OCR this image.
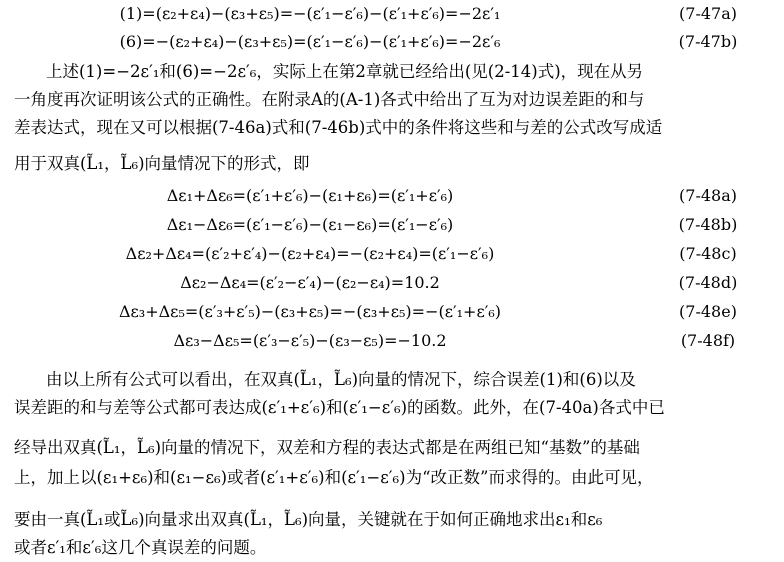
(1)=(ε₂+ε₄)−(ε₃+ε₅)=−(ε′₁−ε′₆)−(ε′₁+ε′₆)=−2ε′₁	(7-47a)
(6)=−(ε₂+ε₄)−(ε₃+ε₅)=(ε′₁−ε′₆)−(ε′₁+ε′₆)=−2ε′₆	(7-47b)
上述(1)=−2ε′₁和(6)=−2ε′₆，实际上在第2章就已经给出(见(2-14)式)，现在从另
一角度再次证明该公式的正确性。在附录A的(A-1)各式中给出了互为对边误差距的和与
差表达式，现在又可以根据(7-46a)式和(7-46b)式中的条件将这些和与差的公式改写成适
用于双真(L̃₁，L̃₆)向量情况下的形式，即
Δε₁+Δε₆=(ε′₁+ε′₆)−(ε₁+ε₆)=(ε′₁+ε′₆)	(7-48a)
Δε₁−Δε₆=(ε′₁−ε′₆)−(ε₁−ε₆)=(ε′₁−ε′₆)	(7-48b)
Δε₂+Δε₄=(ε′₂+ε′₄)−(ε₂+ε₄)=−(ε₂+ε₄)=(ε′₁−ε′₆)	(7-48c)
Δε₂−Δε₄=(ε′₂−ε′₄)−(ε₂−ε₄)=10.2	(7-48d)
Δε₃+Δε₅=(ε′₃+ε′₅)−(ε₃+ε₅)=−(ε₃+ε₅)=−(ε′₁+ε′₆)	(7-48e)
Δε₃−Δε₅=(ε′₃−ε′₅)−(ε₃−ε₅)=−10.2	(7-48f)
由以上所有公式可以看出，在双真(L̃₁，L̃₆)向量的情况下，综合误差(1)和(6)以及
误差距的和与差等公式都可表达成(ε′₁+ε′₆)和(ε′₁−ε′₆)的函数。此外，在(7-40a)各式中已
经导出双真(L̃₁，L̃₆)向量的情况下，双差和方程的表达式都是在两组已知“基数”的基础
上，加上以(ε₁+ε₆)和(ε₁−ε₆)或者(ε′₁+ε′₆)和(ε′₁−ε′₆)为“改正数”而求得的。由此可见，
要由一真(L̃₁或L̃₆)向量求出双真(L̃₁，L̃₆)向量，关键就在于如何正确地求出ε₁和ε₆
或者ε′₁和ε′₆这几个真误差的问题。
